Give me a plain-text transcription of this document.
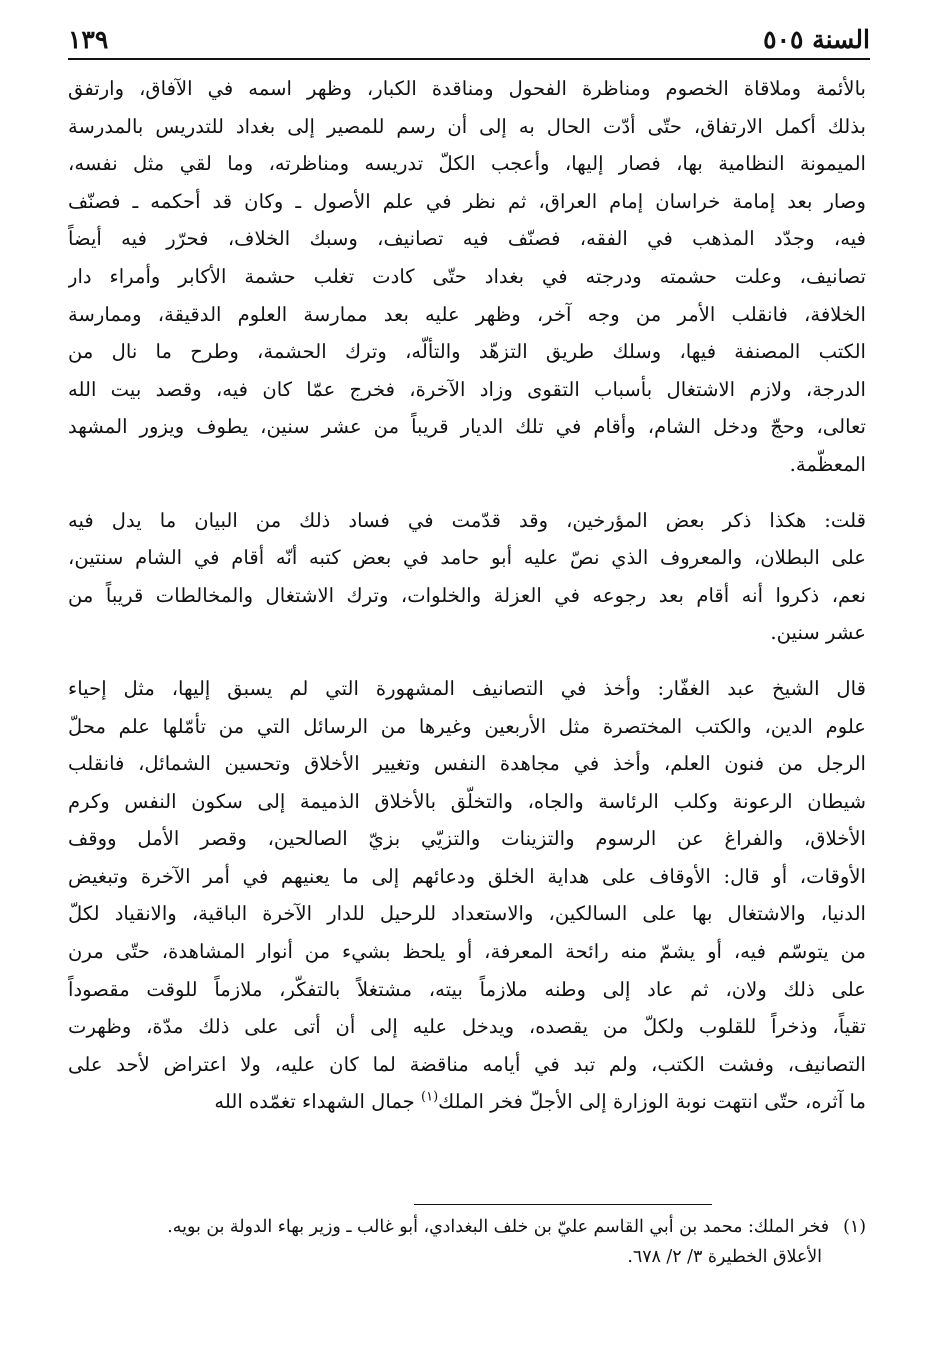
السنة ٥٠٥
١٣٩

بالأئمة وملاقاة الخصوم ومناظرة الفحول ومناقدة الكبار، وظهر اسمه في الآفاق، وارتفق
بذلك أكمل الارتفاق، حتّى أدّت الحال به إلى أن رسم للمصير إلى بغداد للتدريس بالمدرسة
الميمونة النظامية بها، فصار إليها، وأعجب الكلّ تدريسه ومناظرته، وما لقي مثل نفسه،
وصار بعد إمامة خراسان إمام العراق، ثم نظر في علم الأصول ـ وكان قد أحكمه ـ فصنّف
فيه، وجدّد المذهب في الفقه، فصنّف فيه تصانيف، وسبك الخلاف، فحرّر فيه أيضاً
تصانيف، وعلت حشمته ودرجته في بغداد حتّى كادت تغلب حشمة الأكابر وأمراء دار
الخلافة، فانقلب الأمر من وجه آخر، وظهر عليه بعد ممارسة العلوم الدقيقة، وممارسة
الكتب المصنفة فيها، وسلك طريق التزهّد والتألّه، وترك الحشمة، وطرح ما نال من
الدرجة، ولازم الاشتغال بأسباب التقوى وزاد الآخرة، فخرج عمّا كان فيه، وقصد بيت الله
تعالى، وحجّ ودخل الشام، وأقام في تلك الديار قريباً من عشر سنين، يطوف ويزور المشهد
المعظّمة.

قلت: هكذا ذكر بعض المؤرخين، وقد قدّمت في فساد ذلك من البيان ما يدل فيه
على البطلان، والمعروف الذي نصّ عليه أبو حامد في بعض كتبه أنّه أقام في الشام سنتين،
نعم، ذكروا أنه أقام بعد رجوعه في العزلة والخلوات، وترك الاشتغال والمخالطات قريباً من
عشر سنين.

قال الشيخ عبد الغفّار: وأخذ في التصانيف المشهورة التي لم يسبق إليها، مثل إحياء
علوم الدين، والكتب المختصرة مثل الأربعين وغيرها من الرسائل التي من تأمّلها علم محلّ
الرجل من فنون العلم، وأخذ في مجاهدة النفس وتغيير الأخلاق وتحسين الشمائل، فانقلب
شيطان الرعونة وكلب الرئاسة والجاه، والتخلّق بالأخلاق الذميمة إلى سكون النفس وكرم
الأخلاق، والفراغ عن الرسوم والتزينات والتزيّي بزيّ الصالحين، وقصر الأمل ووقف
الأوقات، أو قال: الأوقاف على هداية الخلق ودعائهم إلى ما يعنيهم في أمر الآخرة وتبغيض
الدنيا، والاشتغال بها على السالكين، والاستعداد للرحيل للدار الآخرة الباقية، والانقياد لكلّ
من يتوسّم فيه، أو يشمّ منه رائحة المعرفة، أو يلحظ بشيء من أنوار المشاهدة، حتّى مرن
على ذلك ولان، ثم عاد إلى وطنه ملازماً بيته، مشتغلاً بالتفكّر، ملازماً للوقت مقصوداً
تقياً، وذخراً للقلوب ولكلّ من يقصده، ويدخل عليه إلى أن أتى على ذلك مدّة، وظهرت
التصانيف، وفشت الكتب، ولم تبد في أيامه مناقضة لما كان عليه، ولا اعتراض لأحد على
ما آثره، حتّى انتهت نوبة الوزارة إلى الأجلّ فخر الملك$^{(١)}$ جمال الشهداء تغمّده الله

(١)فخر الملك: محمد بن أبي القاسم عليّ بن خلف البغدادي، أبو غالب ـ وزير بهاء الدولة بن بويه.
الأعلاق الخطيرة ٣/ ٢/ ٦٧٨.
